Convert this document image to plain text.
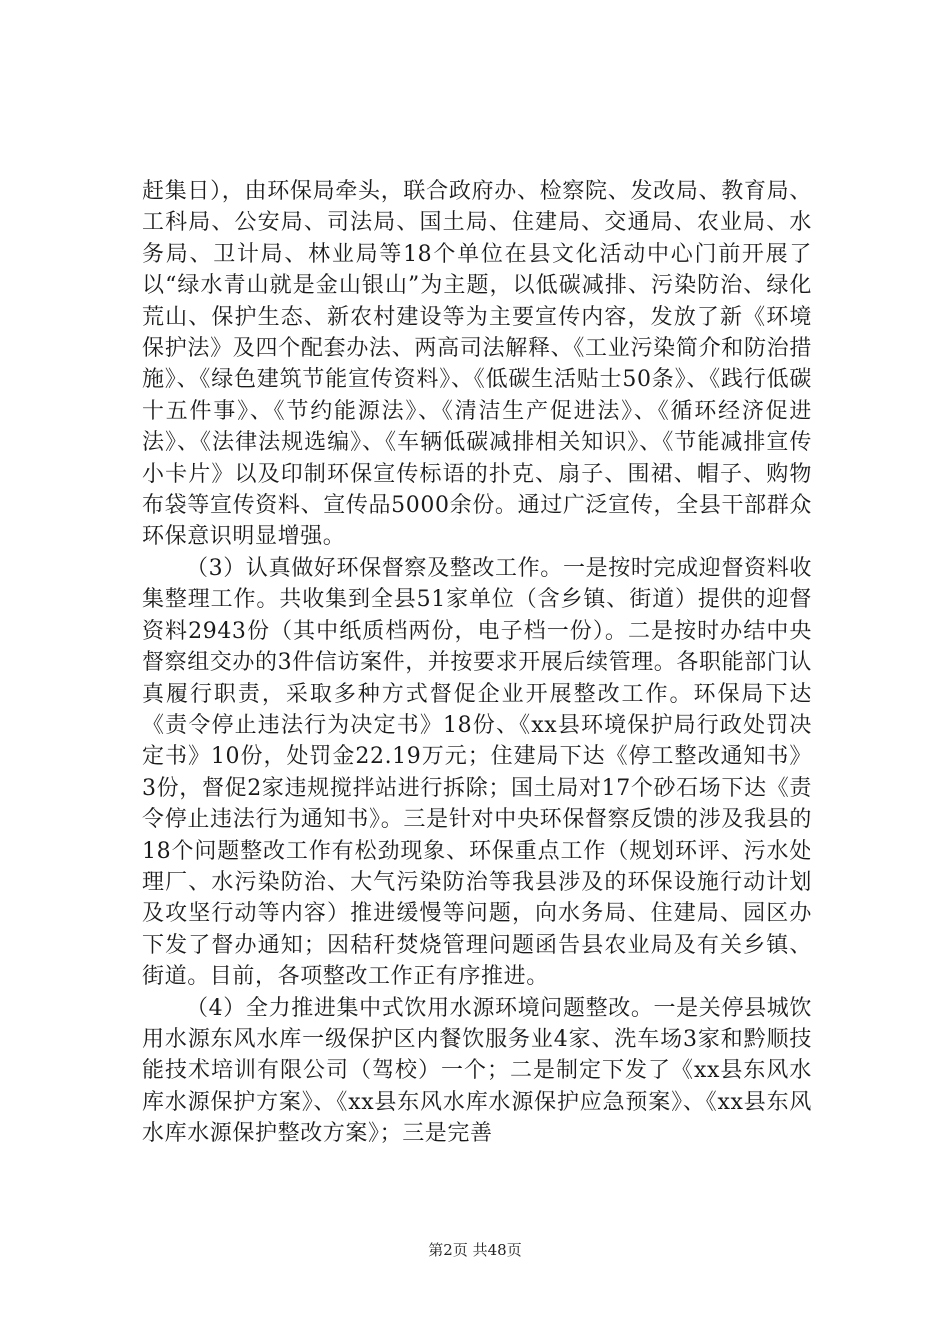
赶集日），由环保局牵头，联合政府办、检察院、发改局、教育局、工科局、公安局、司法局、国土局、住建局、交通局、农业局、水务局、卫计局、林业局等18个单位在县文化活动中心门前开展了以“绿水青山就是金山银山”为主题，以低碳减排、污染防治、绿化荒山、保护生态、新农村建设等为主要宣传内容，发放了新《环境保护法》及四个配套办法、两高司法解释、《工业污染简介和防治措施》、《绿色建筑节能宣传资料》、《低碳生活贴士50条》、《践行低碳十五件事》、《节约能源法》、《清洁生产促进法》、《循环经济促进法》、《法律法规选编》、《车辆低碳减排相关知识》、《节能减排宣传小卡片》以及印制环保宣传标语的扑克、扇子、围裙、帽子、购物布袋等宣传资料、宣传品5000余份。通过广泛宣传，全县干部群众环保意识明显增强。

（3）认真做好环保督察及整改工作。一是按时完成迎督资料收集整理工作。共收集到全县51家单位（含乡镇、街道）提供的迎督资料2943份（其中纸质档两份，电子档一份）。二是按时办结中央督察组交办的3件信访案件，并按要求开展后续管理。各职能部门认真履行职责，采取多种方式督促企业开展整改工作。环保局下达《责令停止违法行为决定书》18份、《xx县环境保护局行政处罚决定书》10份，处罚金22.19万元；住建局下达《停工整改通知书》3份，督促2家违规搅拌站进行拆除；国土局对17个砂石场下达《责令停止违法行为通知书》。三是针对中央环保督察反馈的涉及我县的18个问题整改工作有松劲现象、环保重点工作（规划环评、污水处理厂、水污染防治、大气污染防治等我县涉及的环保设施行动计划及攻坚行动等内容）推进缓慢等问题，向水务局、住建局、园区办下发了督办通知；因秸秆焚烧管理问题函告县农业局及有关乡镇、街道。目前，各项整改工作正有序推进。

（4）全力推进集中式饮用水源环境问题整改。一是关停县城饮用水源东风水库一级保护区内餐饮服务业4家、洗车场3家和黔顺技能技术培训有限公司（驾校）一个；二是制定下发了《xx县东风水库水源保护方案》、《xx县东风水库水源保护应急预案》、《xx县东风水库水源保护整改方案》；三是完善

第2页 共48页
